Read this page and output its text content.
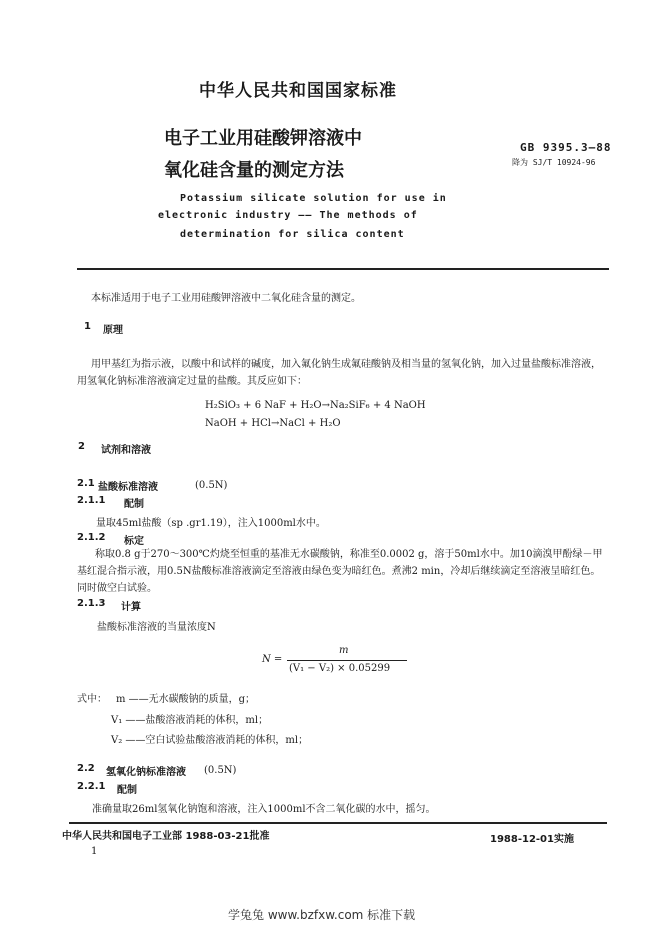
中华人民共和国国家标准
电子工业用硅酸钾溶液中
氧化硅含量的测定方法
GB 9395.3—88
降为 SJ/T 10924-96
Potassium silicate solution for use in
electronic industry —— The methods of
determination for silica content
本标准适用于电子工业用硅酸钾溶液中二氧化硅含量的测定。
1 原理
用甲基红为指示液，以酸中和试样的碱度，加入氟化钠生成氟硅酸钠及相当量的氢氧化钠，加入过量盐酸标准溶液，用氢氧化钠标准溶液滴定过量的盐酸。其反应如下：
H₂SiO₃ + 6 NaF + H₂O→Na₂SiF₆ + 4 NaOH
NaOH + HCl→NaCl + H₂O
2 试剂和溶液
2.1 盐酸标准溶液	(0.5N)
2.1.1 配制
量取45ml盐酸（sp .gr1.19），注入1000ml水中。
2.1.2 标定
称取0.8 g于270～300℃灼烧至恒重的基准无水碳酸钠，称准至0.0002 g，溶于50ml水中。加10滴溴甲酚绿－甲基红混合指示液，用0.5N盐酸标准溶液滴定至溶液由绿色变为暗红色。煮沸2 min，冷却后继续滴定至溶液呈暗红色。同时做空白试验。
2.1.3 计算
盐酸标准溶液的当量浓度N
N =
m
(V₁ − V₂) × 0.05299
式中： m ——无水碳酸钠的质量，g；
V₁ ——盐酸溶液消耗的体积，ml；
V₂ ——空白试验盐酸溶液消耗的体积，ml；
2.2 氢氧化钠标准溶液 (0.5N)
2.2.1 配制
准确量取26ml氢氧化钠饱和溶液，注入1000ml不含二氧化碳的水中，摇匀。
中华人民共和国电子工业部 1988-03-21批准	1988-12-01实施
1
学兔兔 www.bzfxw.com 标准下载
